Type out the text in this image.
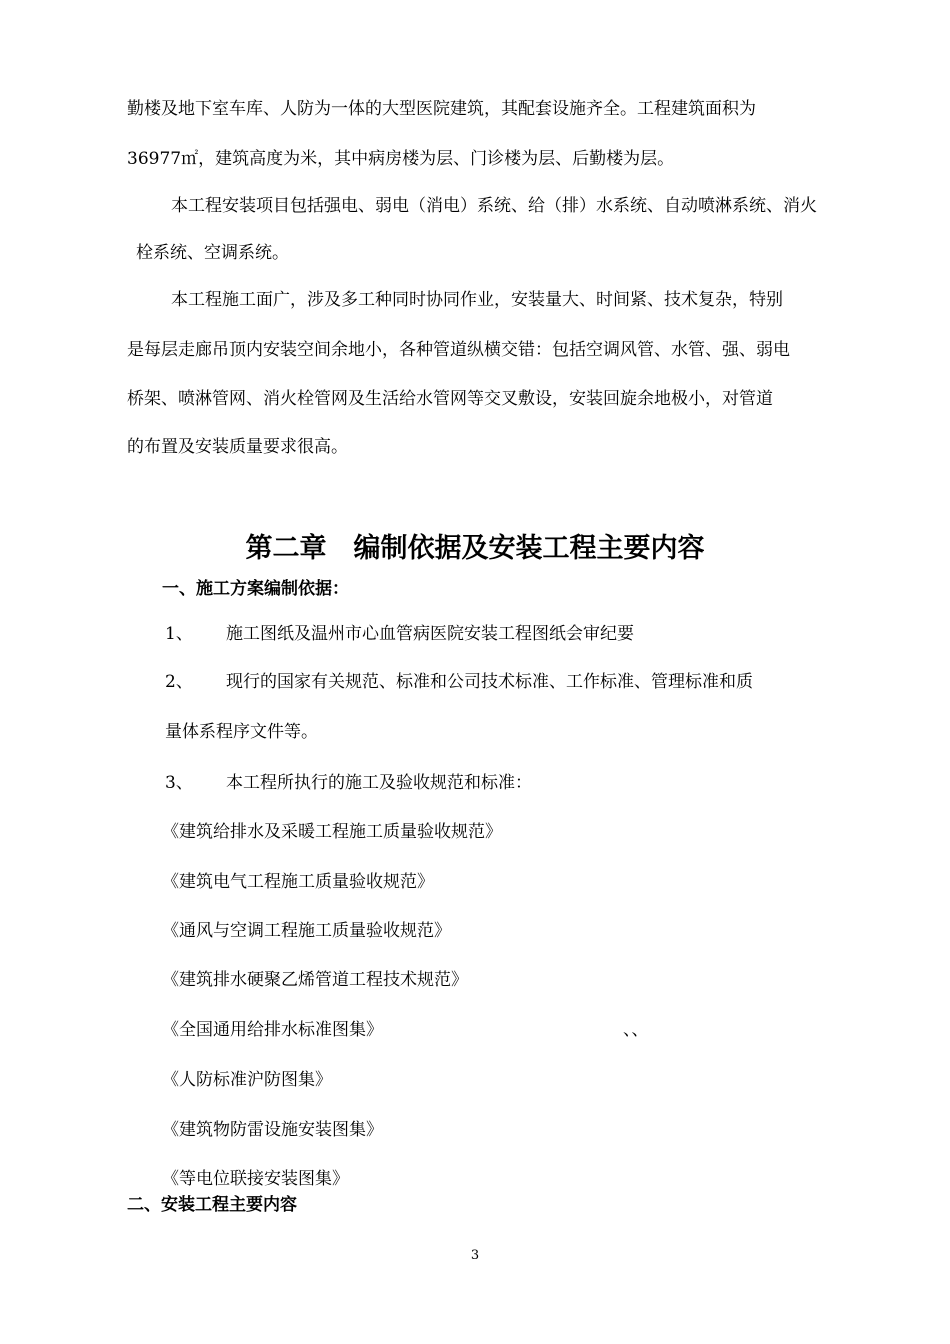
勤楼及地下室车库、人防为一体的大型医院建筑，其配套设施齐全。工程建筑面积为

36977㎡，建筑高度为米，其中病房楼为层、门诊楼为层、后勤楼为层。

本工程安装项目包括强电、弱电（消电）系统、给（排）水系统、自动喷淋系统、消火

栓系统、空调系统。

本工程施工面广，涉及多工种同时协同作业，安装量大、时间紧、技术复杂，特别

是每层走廊吊顶内安装空间余地小，各种管道纵横交错：包括空调风管、水管、强、弱电

桥架、喷淋管网、消火栓管网及生活给水管网等交叉敷设，安装回旋余地极小，对管道

的布置及安装质量要求很高。

第二章　编制依据及安装工程主要内容
一、施工方案编制依据：
1、 施工图纸及温州市心血管病医院安装工程图纸会审纪要

2、 现行的国家有关规范、标准和公司技术标准、工作标准、管理标准和质

量体系程序文件等。

3、 本工程所执行的施工及验收规范和标准：

《建筑给排水及采暖工程施工质量验收规范》

《建筑电气工程施工质量验收规范》

《通风与空调工程施工质量验收规范》

《建筑排水硬聚乙烯管道工程技术规范》

《全国通用给排水标准图集》	、、

《人防标准沪防图集》

《建筑物防雷设施安装图集》

《等电位联接安装图集》

二、安装工程主要内容
3
